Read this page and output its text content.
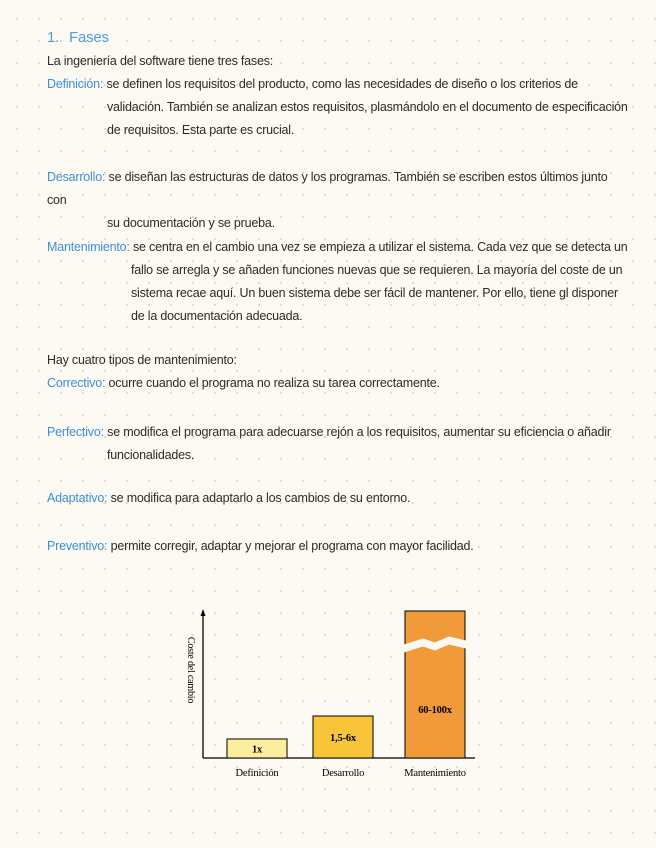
1. Fases
La ingeniería del software tiene tres fases:
Definición: se definen los requisitos del producto, como las necesidades de diseño o los criterios de
validación. También se analizan estos requisitos, plasmándolo en el documento de especificación de requisitos. Esta parte es crucial.
Desarrollo: se diseñan las estructuras de datos y los programas. También se escriben estos últimos junto con
su documentación y se prueba.
Mantenimiento: se centra en el cambio una vez se empieza a utilizar el sistema. Cada vez que se detecta un
fallo se arregla y se añaden funciones nuevas que se requieren. La mayoría del coste de un sistema recae aquí. Un buen sistema debe ser fácil de mantener. Por ello, tiene gl disponer de la documentación adecuada.
Hay cuatro tipos de mantenimiento:
Correctivo: ocurre cuando el programa no realiza su tarea correctamente.
Perfectivo: se modifica el programa para adecuarse rejón a los requisitos, aumentar su eficiencia o añadir
funcionalidades.
Adaptativo: se modifica para adaptarlo a los cambios de su entorno.
Preventivo: permite corregir, adaptar y mejorar el programa con mayor facilidad.
Coste del cambio
1x
Definición
1,5-6x
Desarrollo
60-100x
Mantenimiento
